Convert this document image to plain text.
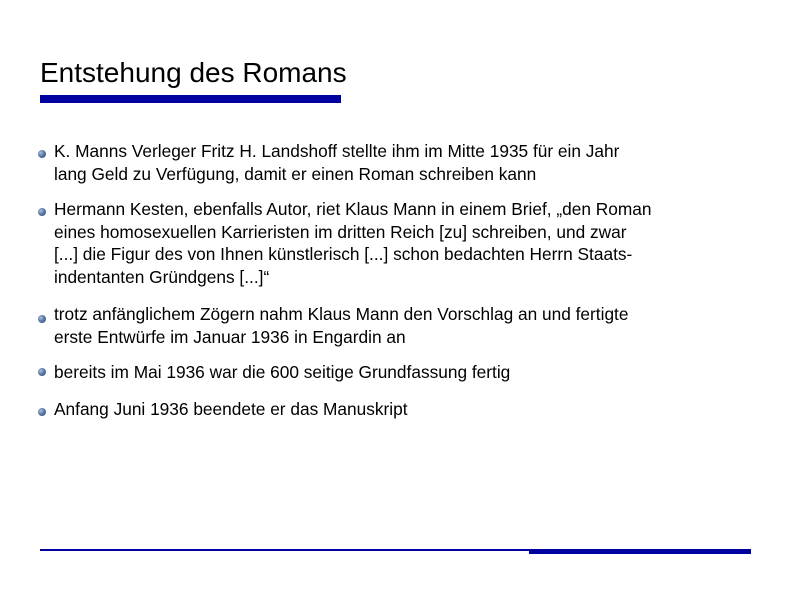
Entstehung des Romans
K. Manns Verleger Fritz H. Landshoff stellte ihm im Mitte 1935 für ein Jahr
lang Geld zu Verfügung, damit er einen Roman schreiben kann
Hermann Kesten, ebenfalls Autor, riet Klaus Mann in einem Brief, „den Roman
eines homosexuellen Karrieristen im dritten Reich [zu] schreiben, und zwar
[...] die Figur des von Ihnen künstlerisch [...] schon bedachten Herrn Staats-
indentanten Gründgens [...]“
trotz anfänglichem Zögern nahm Klaus Mann den Vorschlag an und fertigte
erste Entwürfe im Januar 1936 in Engardin an
bereits im Mai 1936 war die 600 seitige Grundfassung fertig
Anfang Juni 1936 beendete er das Manuskript
